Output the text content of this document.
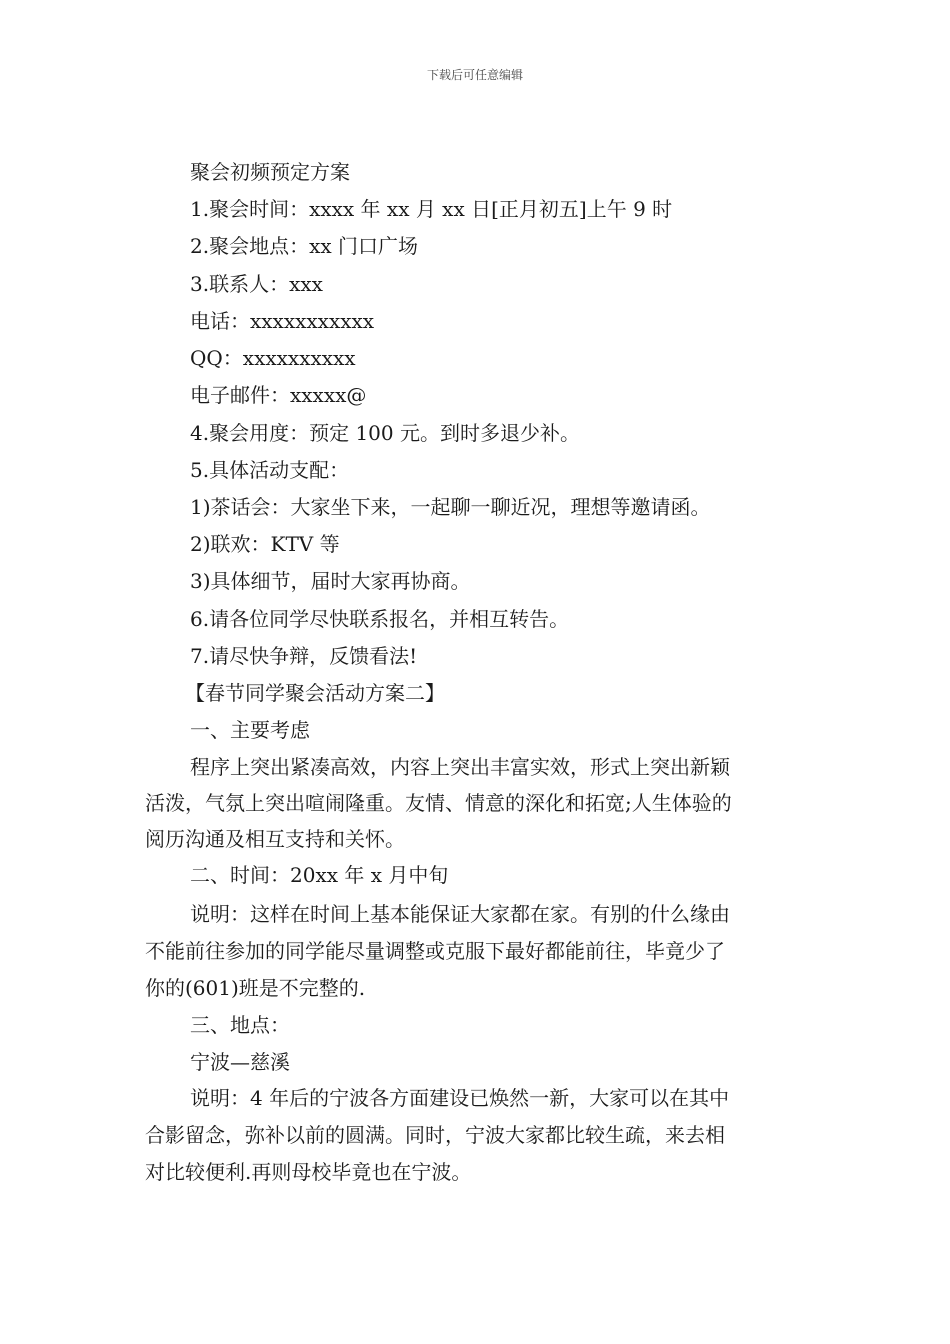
下载后可任意编辑
聚会初频预定方案
1.聚会时间：xxxx 年 xx 月 xx 日[正月初五]上午 9 时
2.聚会地点：xx 门口广场
3.联系人：xxx
电话：xxxxxxxxxxx
QQ：xxxxxxxxxx
电子邮件：xxxxx@
4.聚会用度：预定 100 元。到时多退少补。
5.具体活动支配：
1)茶话会：大家坐下来，一起聊一聊近况，理想等邀请函。
2)联欢：KTV 等
3)具体细节，届时大家再协商。
6.请各位同学尽快联系报名，并相互转告。
7.请尽快争辩，反馈看法!
【春节同学聚会活动方案二】
一、主要考虑
程序上突出紧凑高效，内容上突出丰富实效，形式上突出新颖
活泼，气氛上突出喧闹隆重。友情、情意的深化和拓宽;人生体验的
阅历沟通及相互支持和关怀。
二、时间：20xx 年 x 月中旬
说明：这样在时间上基本能保证大家都在家。有别的什么缘由
不能前往参加的同学能尽量调整或克服下最好都能前往，毕竟少了
你的(601)班是不完整的.
三、地点：
宁波—慈溪
说明：4 年后的宁波各方面建设已焕然一新，大家可以在其中
合影留念，弥补以前的圆满。同时，宁波大家都比较生疏，来去相
对比较便利.再则母校毕竟也在宁波。
